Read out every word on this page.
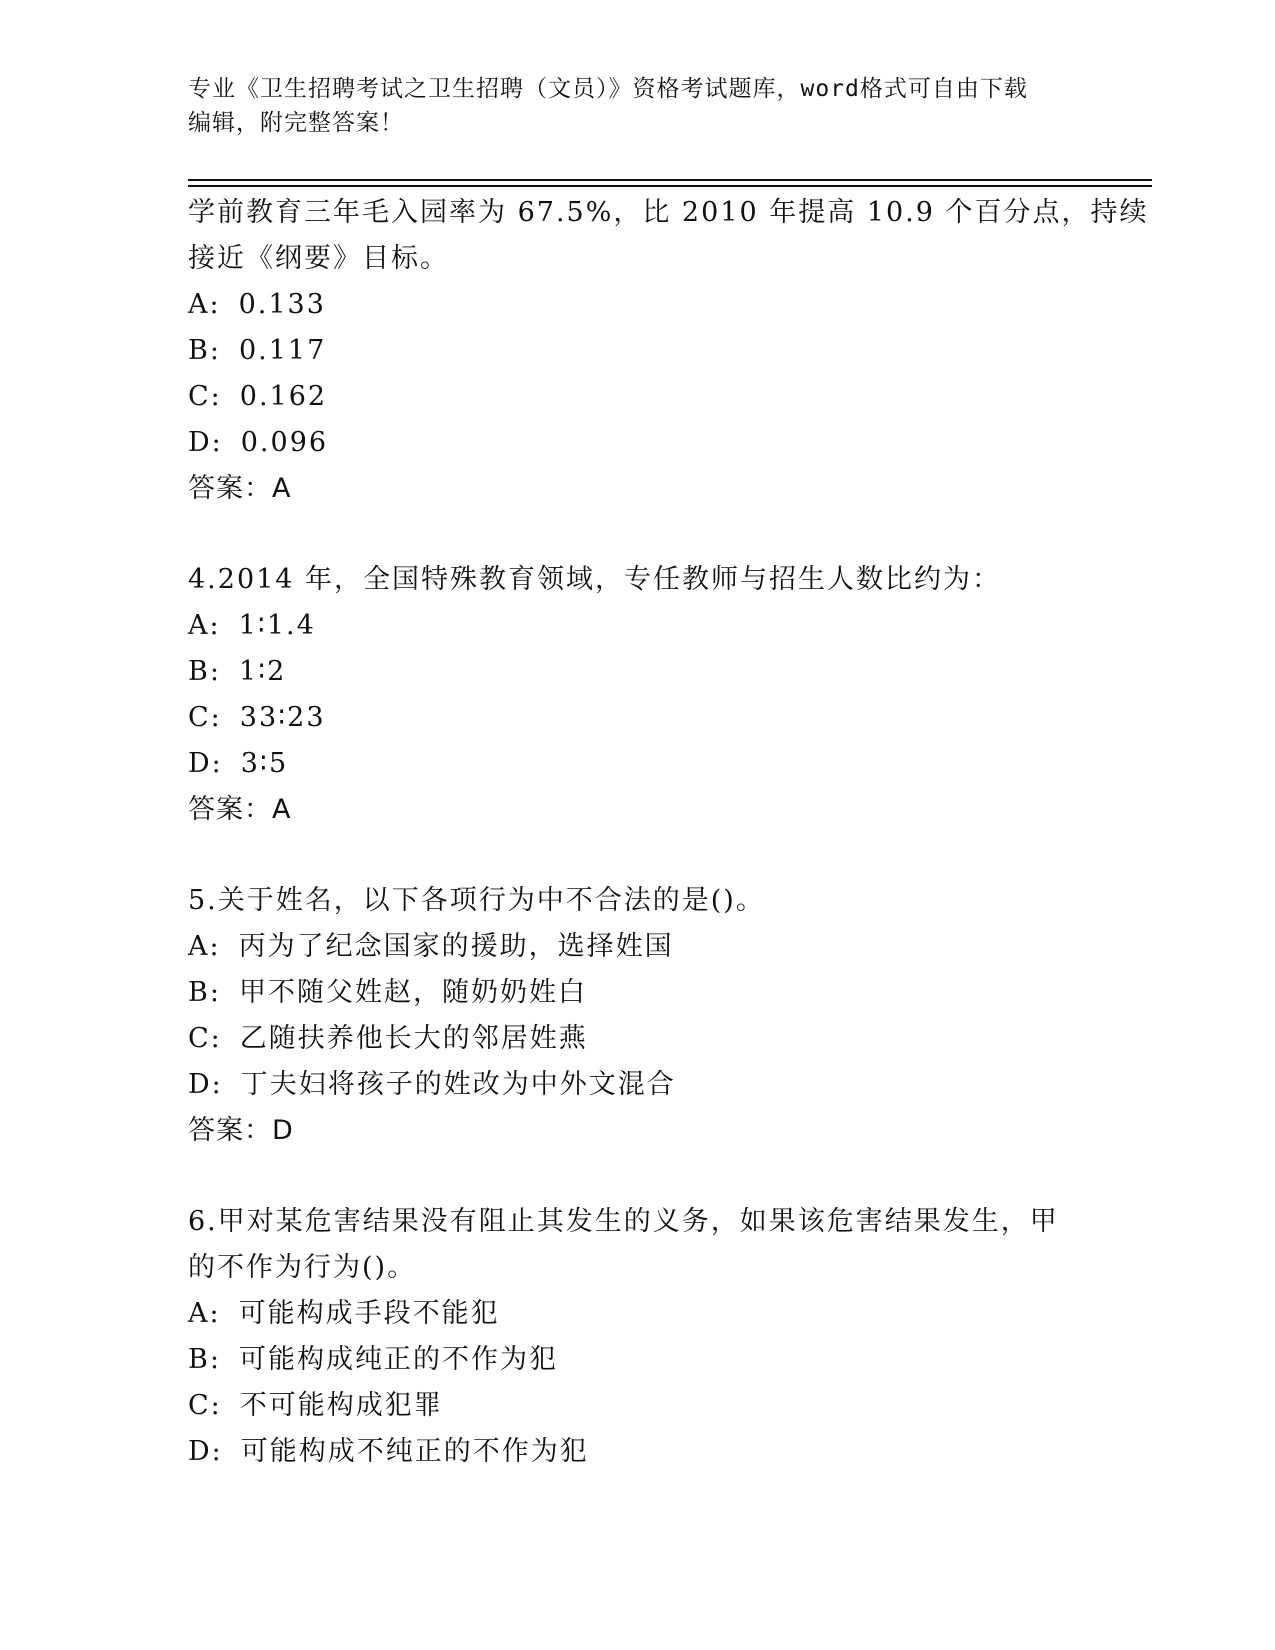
专业《卫生招聘考试之卫生招聘（文员）》资格考试题库，word格式可自由下载
编辑，附完整答案！
学前教育三年毛入园率为 67.5%，比 2010 年提高 10.9 个百分点，持续
接近《纲要》目标。
A: 0.133
B: 0.117
C: 0.162
D: 0.096
答案：A
4.2014 年，全国特殊教育领域，专任教师与招生人数比约为：
A: 1∶1.4
B: 1∶2
C: 33∶23
D: 3∶5
答案：A
5.关于姓名，以下各项行为中不合法的是()。
A: 丙为了纪念国家的援助，选择姓国
B: 甲不随父姓赵，随奶奶姓白
C: 乙随扶养他长大的邻居姓燕
D: 丁夫妇将孩子的姓改为中外文混合
答案：D
6.甲对某危害结果没有阻止其发生的义务，如果该危害结果发生，甲
的不作为行为()。
A: 可能构成手段不能犯
B: 可能构成纯正的不作为犯
C: 不可能构成犯罪
D: 可能构成不纯正的不作为犯
